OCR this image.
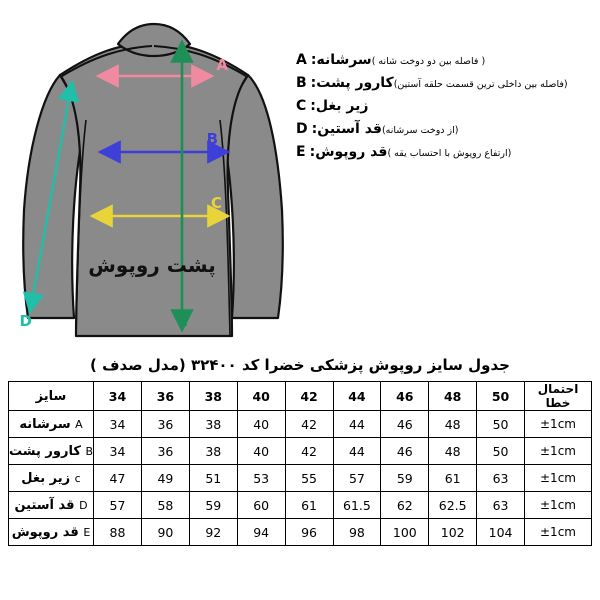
A
B
C
D	E
پشت روپوش
A : سرشانه ( فاصله بین دو دوخت شانه )
B : کارور پشت (فاصله بین داخلی ترین قسمت حلقه آستین)
C : زیر بغل
D : قد آستین (از دوخت سرشانه)
E : قد روپوش (ارتفاع روپوش با احتساب یقه )
جدول سایز روپوش پزشکی خضرا کد ۳۲۴۰۰ (مدل صدف )
احتمال خطا	50	48	46	44	42	40	38	36	34	سایز
±1cm	50	48	46	44	42	40	38	36	34	A سرشانه
±1cm	50	48	46	44	42	40	38	36	34	B کارور پشت
±1cm	63	61	59	57	55	53	51	49	47	c زیر بغل
±1cm	63	62.5	62	61.5	61	60	59	58	57	D قد آستین
±1cm	104	102	100	98	96	94	92	90	88	E قد روپوش
